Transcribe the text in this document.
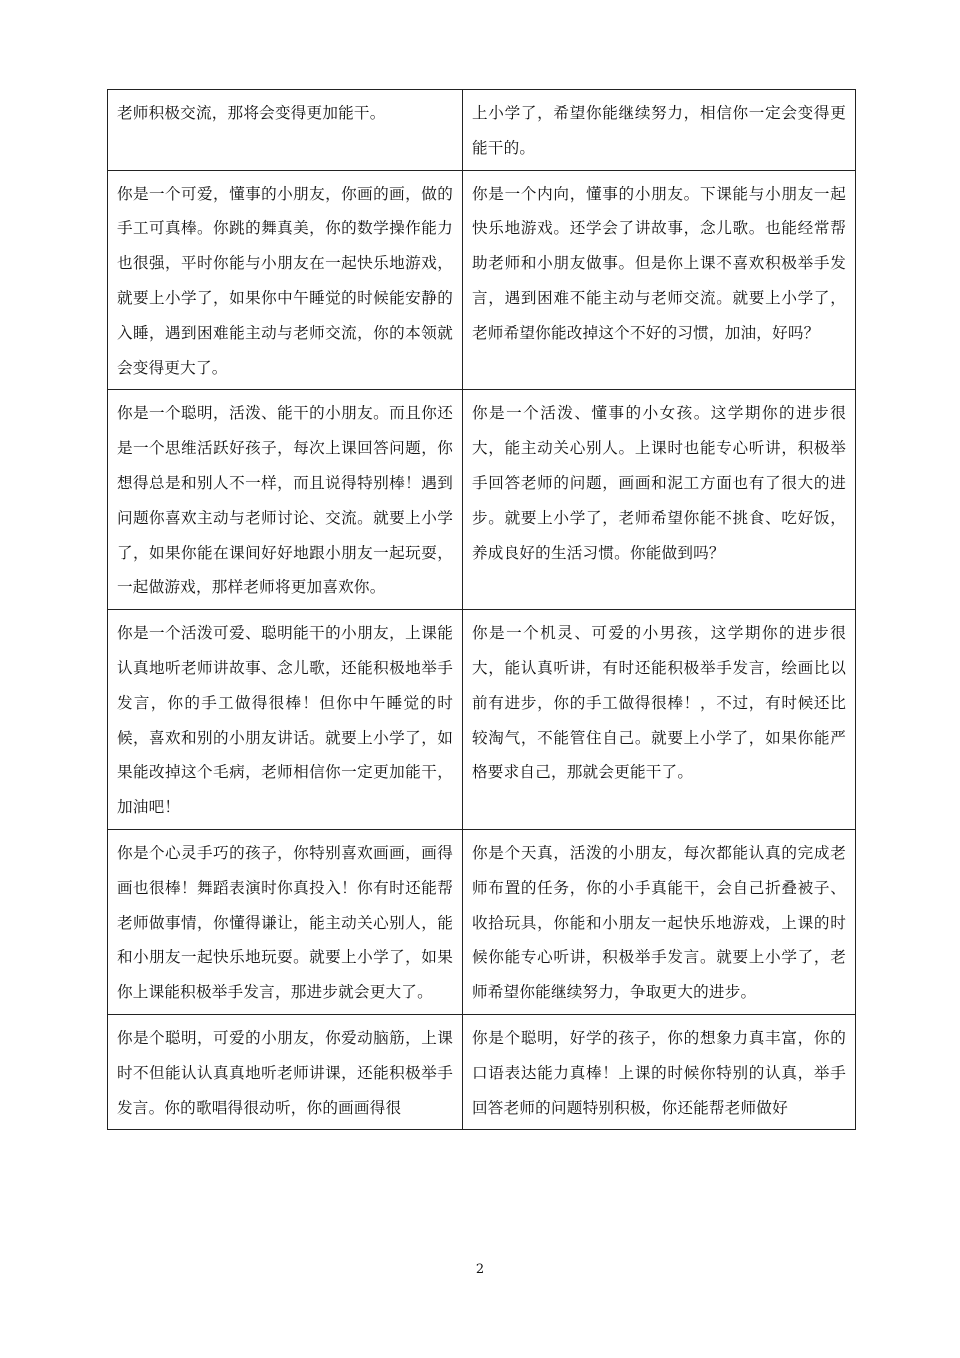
老师积极交流，那将会变得更加能干。	上小学了，希望你能继续努力，相信你一定会变得更能干的。
你是一个可爱，懂事的小朋友，你画的画，做的手工可真棒。你跳的舞真美，你的数学操作能力也很强，平时你能与小朋友在一起快乐地游戏，就要上小学了，如果你中午睡觉的时候能安静的入睡，遇到困难能主动与老师交流，你的本领就会变得更大了。	你是一个内向，懂事的小朋友。下课能与小朋友一起快乐地游戏。还学会了讲故事，念儿歌。也能经常帮助老师和小朋友做事。但是你上课不喜欢积极举手发言，遇到困难不能主动与老师交流。就要上小学了，老师希望你能改掉这个不好的习惯，加油，好吗？
你是一个聪明，活泼、能干的小朋友。而且你还是一个思维活跃好孩子，每次上课回答问题，你想得总是和别人不一样，而且说得特别棒！遇到问题你喜欢主动与老师讨论、交流。就要上小学了，如果你能在课间好好地跟小朋友一起玩耍，一起做游戏，那样老师将更加喜欢你。	你是一个活泼、懂事的小女孩。这学期你的进步很大，能主动关心别人。上课时也能专心听讲，积极举手回答老师的问题，画画和泥工方面也有了很大的进步。就要上小学了，老师希望你能不挑食、吃好饭，养成良好的生活习惯。你能做到吗？
你是一个活泼可爱、聪明能干的小朋友，上课能认真地听老师讲故事、念儿歌，还能积极地举手发言，你的手工做得很棒！但你中午睡觉的时候，喜欢和别的小朋友讲话。就要上小学了，如果能改掉这个毛病，老师相信你一定更加能干，加油吧！	你是一个机灵、可爱的小男孩，这学期你的进步很大，能认真听讲，有时还能积极举手发言，绘画比以前有进步，你的手工做得很棒！，不过，有时候还比较淘气，不能管住自己。就要上小学了，如果你能严格要求自己，那就会更能干了。
你是个心灵手巧的孩子，你特别喜欢画画，画得画也很棒！舞蹈表演时你真投入！你有时还能帮老师做事情，你懂得谦让，能主动关心别人，能和小朋友一起快乐地玩耍。就要上小学了，如果你上课能积极举手发言，那进步就会更大了。	你是个天真，活泼的小朋友，每次都能认真的完成老师布置的任务，你的小手真能干，会自己折叠被子、收拾玩具，你能和小朋友一起快乐地游戏，上课的时候你能专心听讲，积极举手发言。就要上小学了，老师希望你能继续努力，争取更大的进步。
你是个聪明，可爱的小朋友，你爱动脑筋，上课时不但能认认真真地听老师讲课，还能积极举手发言。你的歌唱得很动听，你的画画得很	你是个聪明，好学的孩子，你的想象力真丰富，你的口语表达能力真棒！上课的时候你特别的认真，举手回答老师的问题特别积极，你还能帮老师做好
2
